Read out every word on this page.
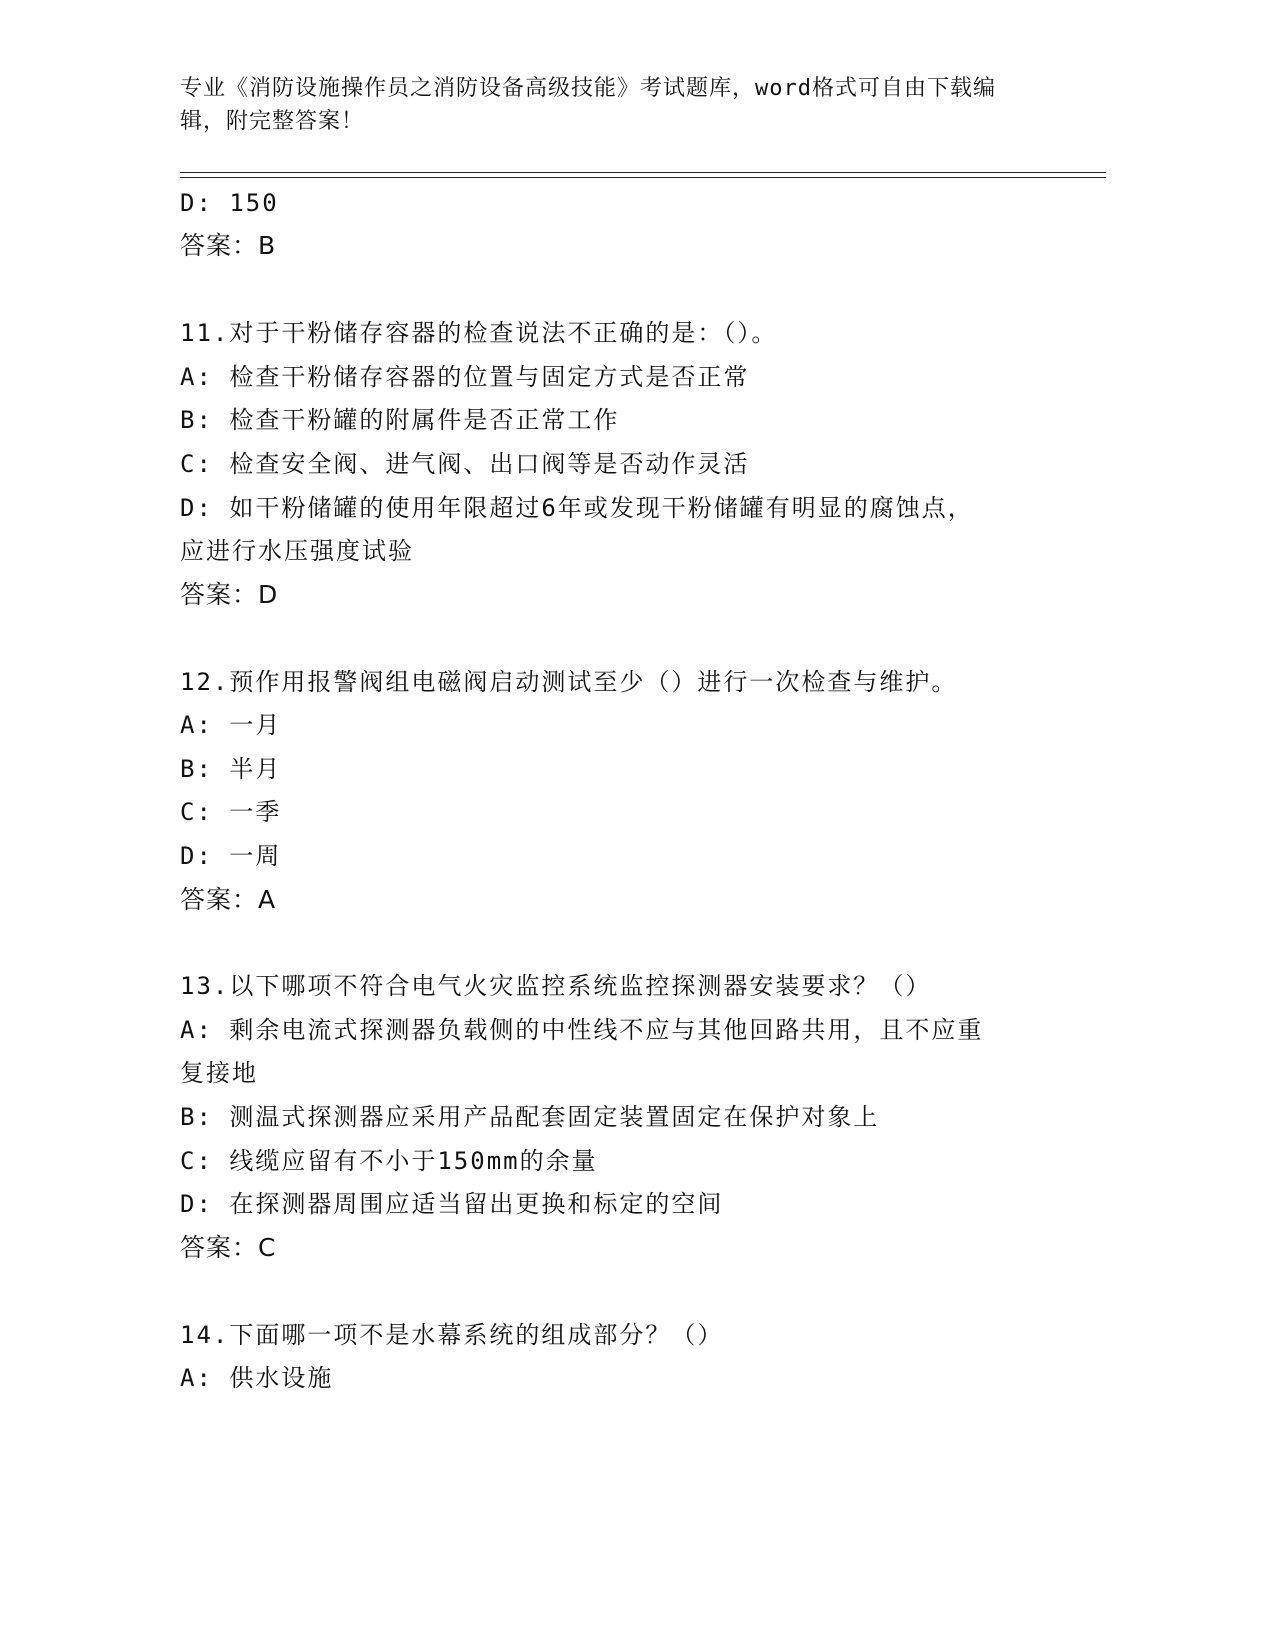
专业《消防设施操作员之消防设备高级技能》考试题库，word格式可自由下载编
辑，附完整答案！
D: 150
答案：B
11.对于干粉储存容器的检查说法不正确的是：（）。
A: 检查干粉储存容器的位置与固定方式是否正常
B: 检查干粉罐的附属件是否正常工作
C: 检查安全阀、进气阀、出口阀等是否动作灵活
D: 如干粉储罐的使用年限超过6年或发现干粉储罐有明显的腐蚀点，
应进行水压强度试验
答案：D
12.预作用报警阀组电磁阀启动测试至少（）进行一次检查与维护。
A: 一月
B: 半月
C: 一季
D: 一周
答案：A
13.以下哪项不符合电气火灾监控系统监控探测器安装要求？（）
A: 剩余电流式探测器负载侧的中性线不应与其他回路共用，且不应重
复接地
B: 测温式探测器应采用产品配套固定装置固定在保护对象上
C: 线缆应留有不小于150mm的余量
D: 在探测器周围应适当留出更换和标定的空间
答案：C
14.下面哪一项不是水幕系统的组成部分？（）
A: 供水设施
